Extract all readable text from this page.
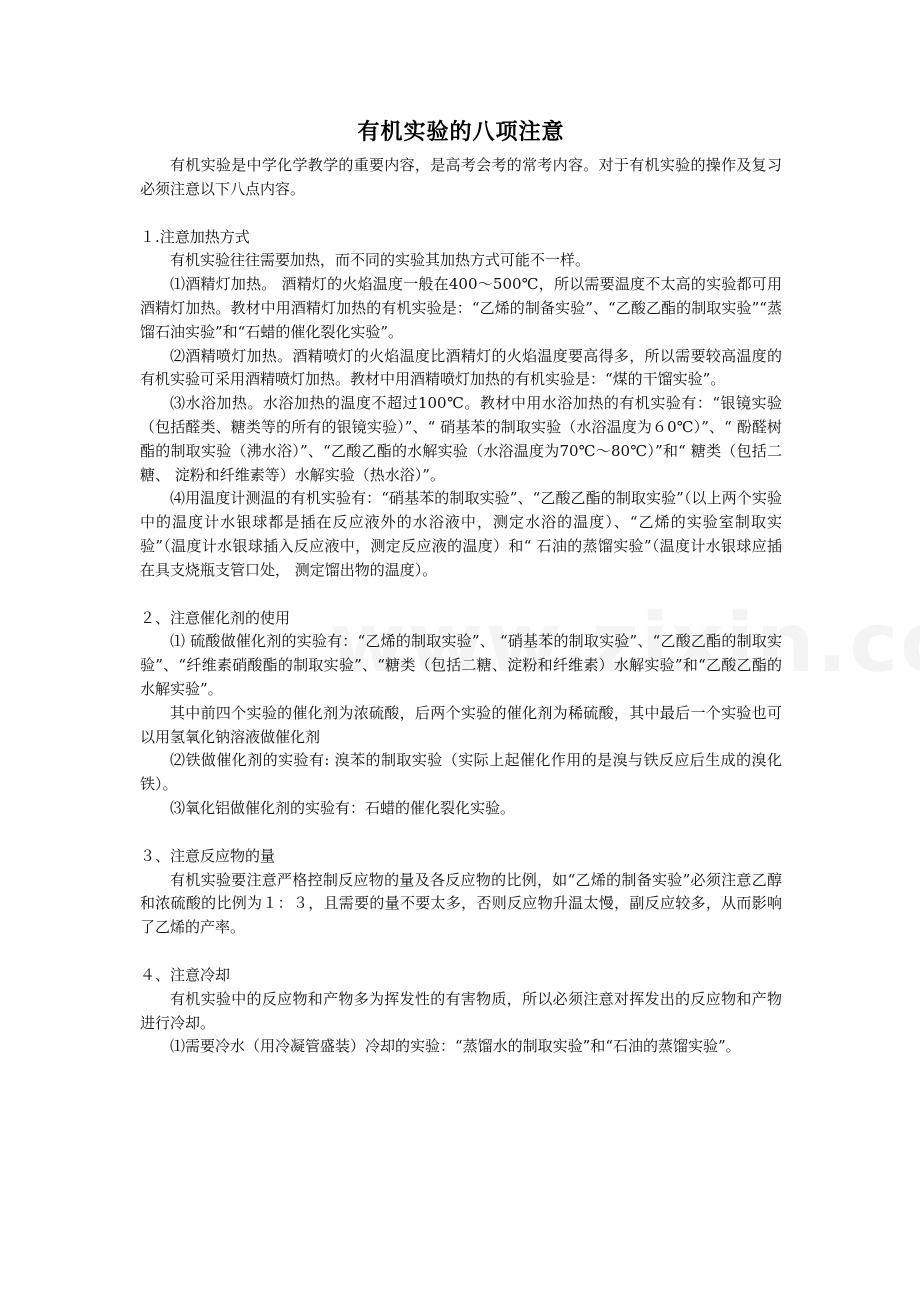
有机实验的八项注意

有机实验是中学化学教学的重要内容，是高考会考的常考内容。对于有机实验的操作及复习必须注意以下八点内容。

１.注意加热方式

有机实验往往需要加热，而不同的实验其加热方式可能不一样。

⑴酒精灯加热。 酒精灯的火焰温度一般在400～500℃，所以需要温度不太高的实验都可用酒精灯加热。教材中用酒精灯加热的有机实验是：“乙烯的制备实验”、“乙酸乙酯的制取实验”“蒸馏石油实验”和“石蜡的催化裂化实验”。

⑵酒精喷灯加热。酒精喷灯的火焰温度比酒精灯的火焰温度要高得多，所以需要较高温度的有机实验可采用酒精喷灯加热。教材中用酒精喷灯加热的有机实验是：“煤的干馏实验”。

⑶水浴加热。水浴加热的温度不超过100℃。教材中用水浴加热的有机实验有：“银镜实验（包括醛类、糖类等的所有的银镜实验）”、“ 硝基苯的制取实验（水浴温度为６0℃）”、“ 酚醛树酯的制取实验（沸水浴）”、“乙酸乙酯的水解实验（水浴温度为70℃～80℃）”和“ 糖类（包括二糖、 淀粉和纤维素等）水解实验（热水浴）”。

⑷用温度计测温的有机实验有：“硝基苯的制取实验”、“乙酸乙酯的制取实验”（以上两个实验中的温度计水银球都是插在反应液外的水浴液中，测定水浴的温度）、“乙烯的实验室制取实验”（温度计水银球插入反应液中，测定反应液的温度）和“ 石油的蒸馏实验”（温度计水银球应插在具支烧瓶支管口处， 测定馏出物的温度）。

２、注意催化剂的使用

⑴ 硫酸做催化剂的实验有：“乙烯的制取实验”、 “硝基苯的制取实验”、“乙酸乙酯的制取实验”、“纤维素硝酸酯的制取实验”、“糖类（包括二糖、淀粉和纤维素）水解实验”和“乙酸乙酯的水解实验”。

其中前四个实验的催化剂为浓硫酸，后两个实验的催化剂为稀硫酸，其中最后一个实验也可以用氢氧化钠溶液做催化剂

⑵铁做催化剂的实验有: 溴苯的制取实验（实际上起催化作用的是溴与铁反应后生成的溴化铁）。

⑶氧化铝做催化剂的实验有：石蜡的催化裂化实验。

３、注意反应物的量

有机实验要注意严格控制反应物的量及各反应物的比例，如“乙烯的制备实验”必须注意乙醇和浓硫酸的比例为１：３，且需要的量不要太多，否则反应物升温太慢，副反应较多，从而影响了乙烯的产率。

４、注意冷却

有机实验中的反应物和产物多为挥发性的有害物质，所以必须注意对挥发出的反应物和产物进行冷却。

⑴需要冷水（用冷凝管盛装）冷却的实验：“蒸馏水的制取实验”和“石油的蒸馏实验”。
